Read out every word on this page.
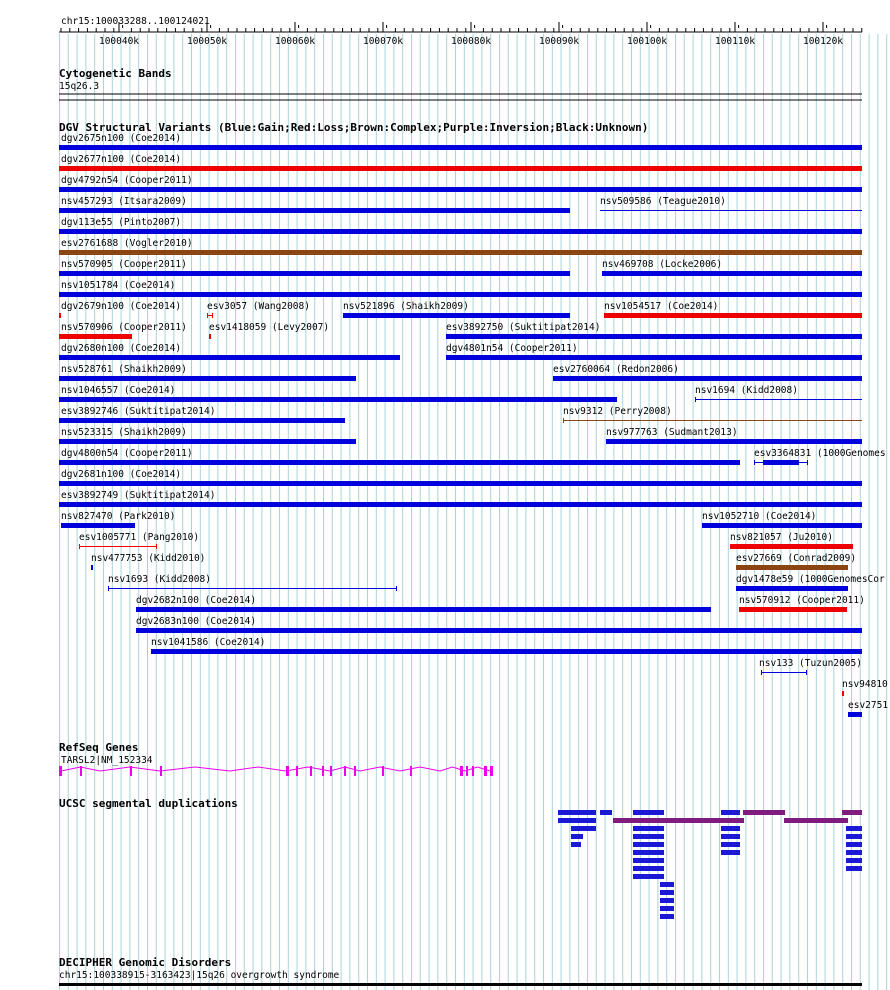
chr15:100033288..100124021
100040k	100050k	100060k	100070k	100080k	100090k	100100k	100110k	100120k
Cytogenetic Bands
15q26.3
DGV Structural Variants (Blue:Gain;Red:Loss;Brown:Complex;Purple:Inversion;Black:Unknown)
dgv2675n100 (Coe2014)
dgv2677n100 (Coe2014)
dgv4792n54 (Cooper2011)
nsv457293 (Itsara2009)	nsv509586 (Teague2010)
dgv113e55 (Pinto2007)
esv2761688 (Vogler2010)
nsv570905 (Cooper2011)	nsv469708 (Locke2006)
nsv1051784 (Coe2014)
dgv2679n100 (Coe2014)	esv3057 (Wang2008)	nsv521896 (Shaikh2009)	nsv1054517 (Coe2014)
nsv570906 (Cooper2011) esv1418059 (Levy2007)	esv3892750 (Suktitipat2014)
dgv2680n100 (Coe2014)	dgv4801n54 (Cooper2011)
nsv528761 (Shaikh2009)	esv2760064 (Redon2006)
nsv1046557 (Coe2014)	nsv1694 (Kidd2008)
esv3892746 (Suktitipat2014)	nsv9312 (Perry2008)
nsv523315 (Shaikh2009)	nsv977763 (Sudmant2013)
dgv4800n54 (Cooper2011)	esv3364831 (1000Genomes
dgv2681n100 (Coe2014)
esv3892749 (Suktitipat2014)
nsv827470 (Park2010)	nsv1052710 (Coe2014)
esv1005771 (Pang2010)	nsv821057 (Ju2010)
nsv477753 (Kidd2010)	esv27669 (Conrad2009)
nsv1693 (Kidd2008)	dgv1478e59 (1000GenomesCor
dgv2682n100 (Coe2014)	nsv570912 (Cooper2011)
dgv2683n100 (Coe2014)
nsv1041586 (Coe2014)
nsv133 (Tuzun2005)
nsv94810
esv2751
RefSeq Genes
TARSL2|NM_152334
UCSC segmental duplications
DECIPHER Genomic Disorders
chr15:100338915-3163423|15q26 overgrowth syndrome
